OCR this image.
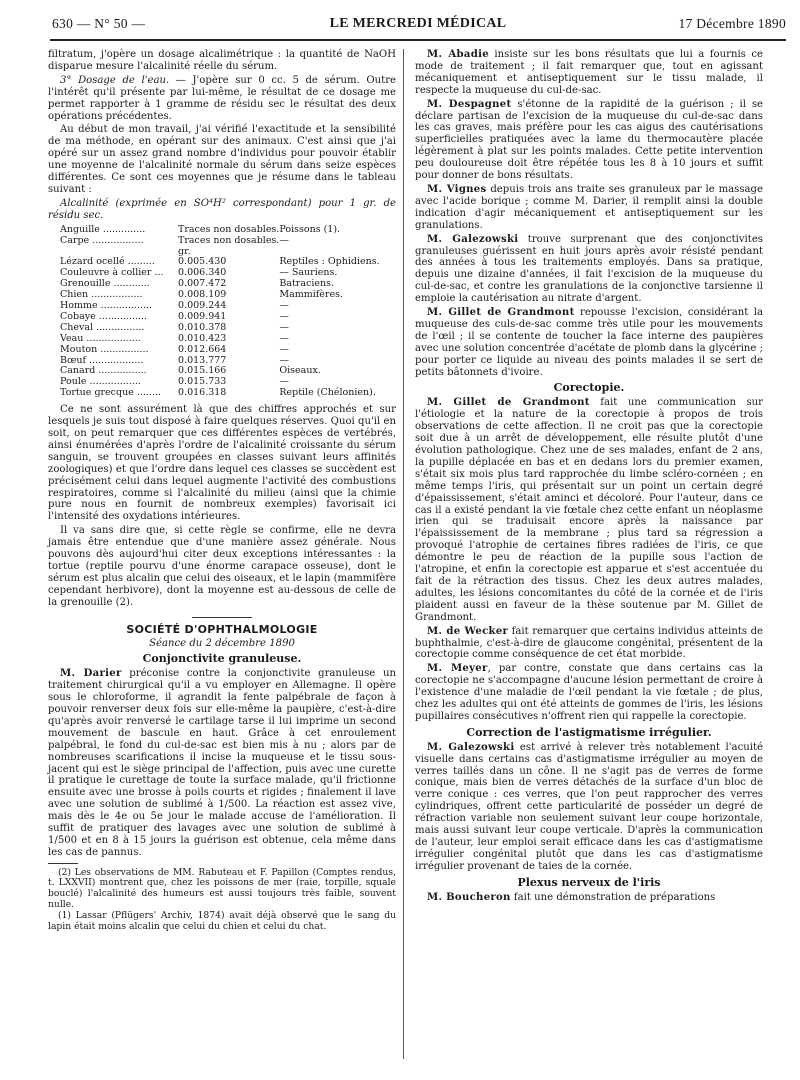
630 — N° 50 —	LE MERCREDI MÉDICAL	17 Décembre 1890

filtratum, j'opère un dosage alcalimétrique : la quantité de NaOH disparue mesure l'alcalinité réelle du sérum.

3° Dosage de l'eau. — J'opère sur 0 cc. 5 de sérum. Outre l'intérêt qu'il présente par lui-même, le résultat de ce dosage me permet rapporter à 1 gramme de résidu sec le résultat des deux opérations précédentes.

Au début de mon travail, j'ai vérifié l'exactitude et la sensibilité de ma méthode, en opérant sur des animaux. C'est ainsi que j'ai opéré sur un assez grand nombre d'individus pour pouvoir établir une moyenne de l'alcalinité normale du sérum dans seize espèces différentes. Ce sont ces moyennes que je résume dans le tableau suivant :

Alcalinité (exprimée en SO⁴H² correspondant) pour 1 gr. de résidu sec.

Anguille ..............	Traces non dosables.	Poissons (1).
Carpe .................	Traces non dosables.	—
	gr.	
Lézard ocellé .........	0.005.430	Reptiles : Ophidiens.
Couleuvre à collier ...	0.006.340	— Sauriens.
Grenouille ............	0.007.472	Batraciens.
Chien .................	0.008.109	Mammifères.
Homme .................	0.009.244	—
Cobaye ................	0.009.941	—
Cheval ................	0.010.378	—
Veau ..................	0.010.423	—
Mouton ................	0.012.664	—
Bœuf ..................	0.013.777	—
Canard ................	0.015.166	Oiseaux.
Poule .................	0.015.733	—
Tortue grecque ........	0.016.318	Reptile (Chélonien).

Ce ne sont assurément là que des chiffres approchés et sur lesquels je suis tout disposé à faire quelques réserves. Quoi qu'il en soit, on peut remarquer que ces différentes espèces de vertébrés, ainsi énumérées d'après l'ordre de l'alcalinité croissante du sérum sanguin, se trouvent groupées en classes suivant leurs affinités zoologiques) et que l'ordre dans lequel ces classes se succèdent est précisément celui dans lequel augmente l'activité des combustions respiratoires, comme si l'alcalinité du milieu (ainsi que la chimie pure nous en fournit de nombreux exemples) favorisait ici l'intensité des oxydations intérieures.

Il va sans dire que, si cette règle se confirme, elle ne devra jamais être entendue que d'une manière assez générale. Nous pouvons dès aujourd'hui citer deux exceptions intéressantes : la tortue (reptile pourvu d'une énorme carapace osseuse), dont le sérum est plus alcalin que celui des oiseaux, et le lapin (mammifère cependant herbivore), dont la moyenne est au-dessous de celle de la grenouille (2).

SOCIÉTÉ D'OPHTHALMOLOGIE
Séance du 2 décembre 1890
Conjonctivite granuleuse.

M. Darier préconise contre la conjonctivite granuleuse un traitement chirurgical qu'il a vu employer en Allemagne. Il opère sous le chloroforme, il agrandit la fente palpébrale de façon à pouvoir renverser deux fois sur elle-même la paupière, c'est-à-dire qu'après avoir renversé le cartilage tarse il lui imprime un second mouvement de bascule en haut. Grâce à cet enroulement palpébral, le fond du cul-de-sac est bien mis à nu ; alors par de nombreuses scarifications il incise la muqueuse et le tissu sous-jacent qui est le siège principal de l'affection, puis avec une curette il pratique le curettage de toute la surface malade, qu'il frictionne ensuite avec une brosse à poils courts et rigides ; finalement il lave avec une solution de sublimé à 1/500. La réaction est assez vive, mais dès le 4e ou 5e jour le malade accuse de l'amélioration. Il suffit de pratiquer des lavages avec une solution de sublimé à 1/500 et en 8 à 15 jours la guérison est obtenue, cela même dans les cas de pannus.

(2) Les observations de MM. Rabuteau et F. Papillon (Comptes rendus, t. LXXVII) montrent que, chez les poissons de mer (raie, torpille, squale bouclé) l'alcalinité des humeurs est aussi toujours très faible, souvent nulle.

(1) Lassar (Pflügers' Archiv, 1874) avait déjà observé que le sang du lapin était moins alcalin que celui du chien et celui du chat.

M. Abadie insiste sur les bons résultats que lui a fournis ce mode de traitement ; il fait remarquer que, tout en agissant mécaniquement et antiseptiquement sur le tissu malade, il respecte la muqueuse du cul-de-sac.

M. Despagnet s'étonne de la rapidité de la guérison ; il se déclare partisan de l'excision de la muqueuse du cul-de-sac dans les cas graves, mais préfère pour les cas aigus des cautérisations superficielles pratiquées avec la lame du thermocautère placée légèrement à plat sur les points malades. Cette petite intervention peu douloureuse doit être répétée tous les 8 à 10 jours et suffit pour donner de bons résultats.

M. Vignes depuis trois ans traite ses granuleux par le massage avec l'acide borique ; comme M. Darier, il remplit ainsi la double indication d'agir mécaniquement et antiseptiquement sur les granulations.

M. Galezowski trouve surprenant que des conjonctivites granuleuses guérissent en huit jours après avoir résisté pendant des années à tous les traitements employés. Dans sa pratique, depuis une dizaine d'années, il fait l'excision de la muqueuse du cul-de-sac, et contre les granulations de la conjonctive tarsienne il emploie la cautérisation au nitrate d'argent.

M. Gillet de Grandmont repousse l'excision, considérant la muqueuse des culs-de-sac comme très utile pour les mouvements de l'œil ; il se contente de toucher la face interne des paupières avec une solution concentrée d'acétate de plomb dans la glycérine ; pour porter ce liquide au niveau des points malades il se sert de petits bâtonnets d'ivoire.

Corectopie.

M. Gillet de Grandmont fait une communication sur l'étiologie et la nature de la corectopie à propos de trois observations de cette affection. Il ne croit pas que la corectopie soit due à un arrêt de développement, elle résulte plutôt d'une évolution pathologique. Chez une de ses malades, enfant de 2 ans, la pupille déplacée en bas et en dedans lors du premier examen, s'était six mois plus tard rapprochée du limbe scléro-cornéen ; en même temps l'iris, qui présentait sur un point un certain degré d'épaississement, s'était aminci et décoloré. Pour l'auteur, dans ce cas il a existé pendant la vie fœtale chez cette enfant un néoplasme irien qui se traduisait encore après la naissance par l'épaississement de la membrane ; plus tard sa régression a provoqué l'atrophie de certaines fibres radiées de l'iris, ce que démontre le peu de réaction de la pupille sous l'action de l'atropine, et enfin la corectopie est apparue et s'est accentuée du fait de la rétraction des tissus. Chez les deux autres malades, adultes, les lésions concomitantes du côté de la cornée et de l'iris plaident aussi en faveur de la thèse soutenue par M. Gillet de Grandmont.

M. de Wecker fait remarquer que certains individus atteints de buphthalmie, c'est-à-dire de glaucome congénital, présentent de la corectopie comme conséquence de cet état morbide.

M. Meyer, par contre, constate que dans certains cas la corectopie ne s'accompagne d'aucune lésion permettant de croire à l'existence d'une maladie de l'œil pendant la vie fœtale ; de plus, chez les adultes qui ont été atteints de gommes de l'iris, les lésions pupillaires consécutives n'offrent rien qui rappelle la corectopie.

Correction de l'astigmatisme irrégulier.

M. Galezowski est arrivé à relever très notablement l'acuité visuelle dans certains cas d'astigmatisme irrégulier au moyen de verres taillés dans un cône. Il ne s'agit pas de verres de forme conique, mais bien de verres détachés de la surface d'un bloc de verre conique : ces verres, que l'on peut rapprocher des verres cylindriques, offrent cette particularité de posséder un degré de réfraction variable non seulement suivant leur coupe horizontale, mais aussi suivant leur coupe verticale. D'après la communication de l'auteur, leur emploi serait efficace dans les cas d'astigmatisme irrégulier congénital plutôt que dans les cas d'astigmatisme irrégulier provenant de taies de la cornée.

Plexus nerveux de l'iris

M. Boucheron fait une démonstration de préparations
